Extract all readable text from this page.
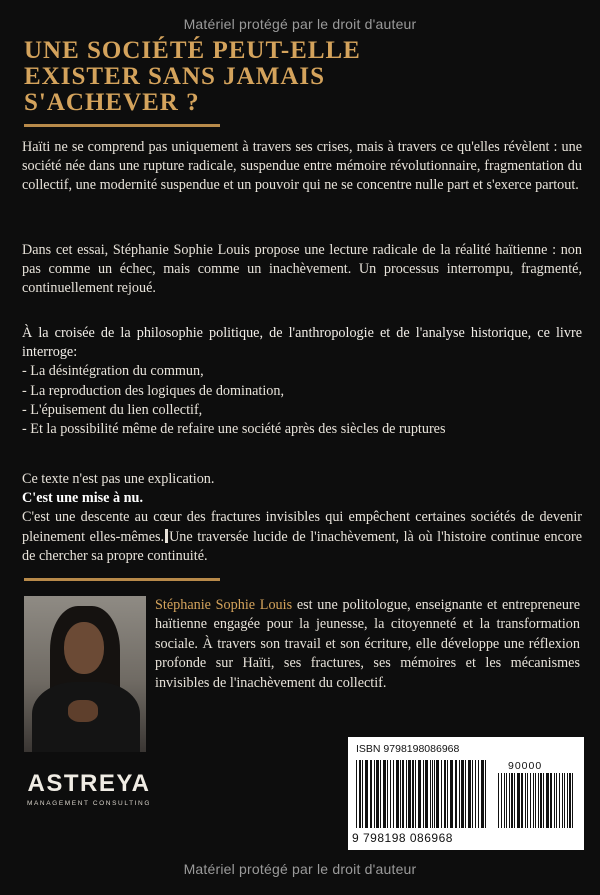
Matériel protégé par le droit d'auteur
UNE SOCIÉTÉ PEUT-ELLE EXISTER SANS JAMAIS S'ACHEVER ?

Haïti ne se comprend pas uniquement à travers ses crises, mais à travers ce qu'elles révèlent : une société née dans une rupture radicale, suspendue entre mémoire révolutionnaire, fragmentation du collectif, une modernité suspendue et un pouvoir qui ne se concentre nulle part et s'exerce partout.

Dans cet essai, Stéphanie Sophie Louis propose une lecture radicale de la réalité haïtienne : non pas comme un échec, mais comme un inachèvement. Un processus interrompu, fragmenté, continuellement rejoué.

À la croisée de la philosophie politique, de l'anthropologie et de l'analyse historique, ce livre interroge:

- La désintégration du commun,
- La reproduction des logiques de domination,
- L'épuisement du lien collectif,
- Et la possibilité même de refaire une société après des siècles de ruptures

Ce texte n'est pas une explication.

C'est une mise à nu.

C'est une descente au cœur des fractures invisibles qui empêchent certaines sociétés de devenir pleinement elles-mêmes. Une traversée lucide de l'inachèvement, là où l'histoire continue encore de chercher sa propre continuité.

Stéphanie Sophie Louis est une politologue, enseignante et entrepreneure haïtienne engagée pour la jeunesse, la citoyenneté et la transformation sociale. À travers son travail et son écriture, elle développe une réflexion profonde sur Haïti, ses fractures, ses mémoires et les mécanismes invisibles de l'inachèvement du collectif.

ASTREYA
MANAGEMENT CONSULTING
ISBN 9798198086968
90000
9 798198 086968
Matériel protégé par le droit d'auteur
